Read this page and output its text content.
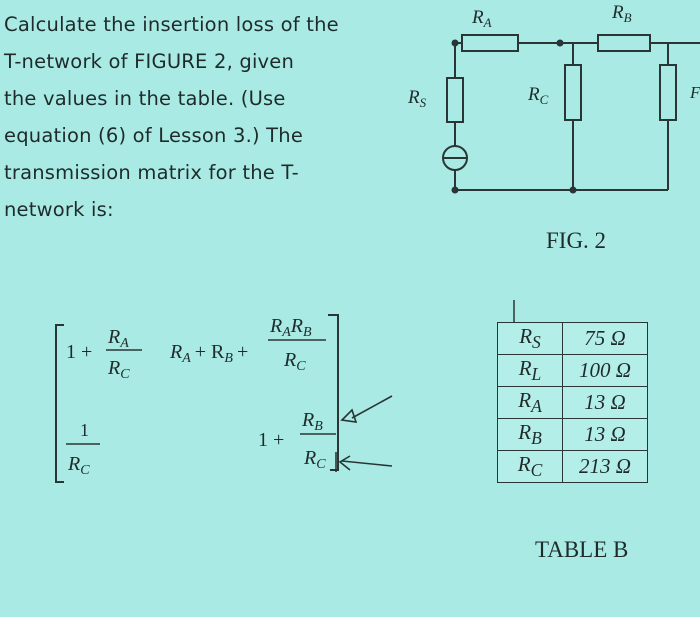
Calculate the insertion loss of the
T-network of FIGURE 2, given
the values in the table. (Use
equation (6) of Lesson 3.) The
transmission matrix for the T-
network is:
$R_A$	$R_B$
$R_C$
$R_S$
F
1 +
$R_A$
$R_C$
$R_A + R_B$ +
$R_AR_B$
$R_C$
1
$R_C$
1 +
$R_B$
$R_C$
FIG. 2
$R_S$	75 Ω
$R_L$	100 Ω
$R_A$	13 Ω
$R_B$	13 Ω
$R_C$	213 Ω
TABLE B
